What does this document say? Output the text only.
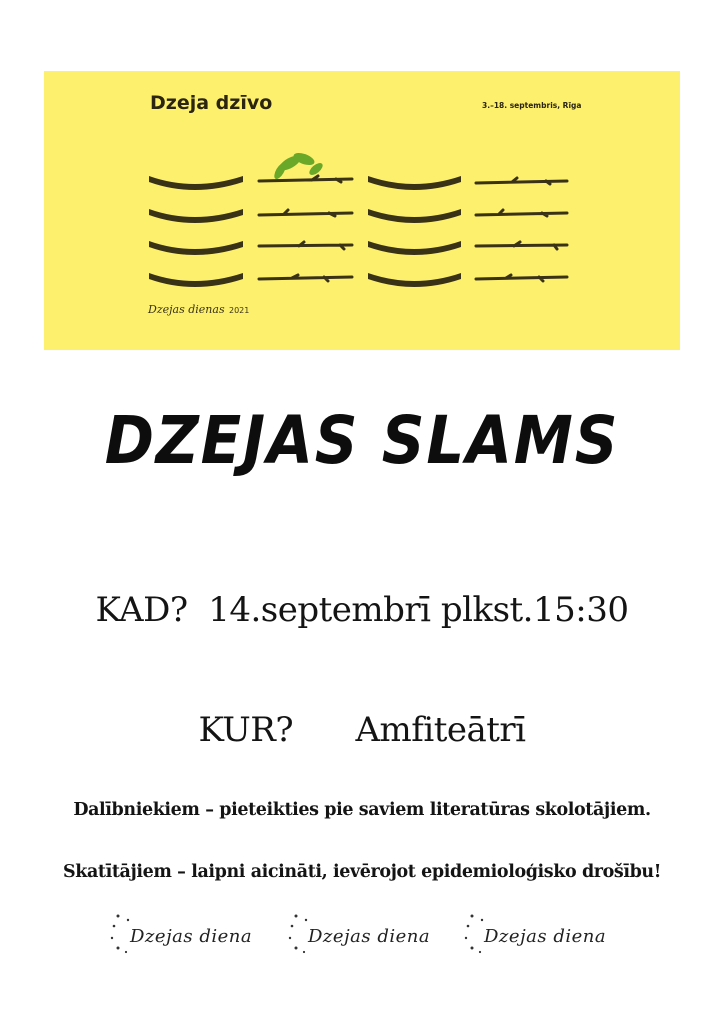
Dzeja dzīvo	3.–18. septembris, Rīga
Dzejas dienas 2021
DZEJAS SLAMS
KAD? 14.septembrī plkst.15:30
KUR? Amfiteātrī
Dalībniekiem – pieteikties pie saviem literatūras skolotājiem.
Skatītājiem – laipni aicināti, ievērojot epidemioloģisko drošību!
Dzejas diena	Dzejas diena	Dzejas diena
